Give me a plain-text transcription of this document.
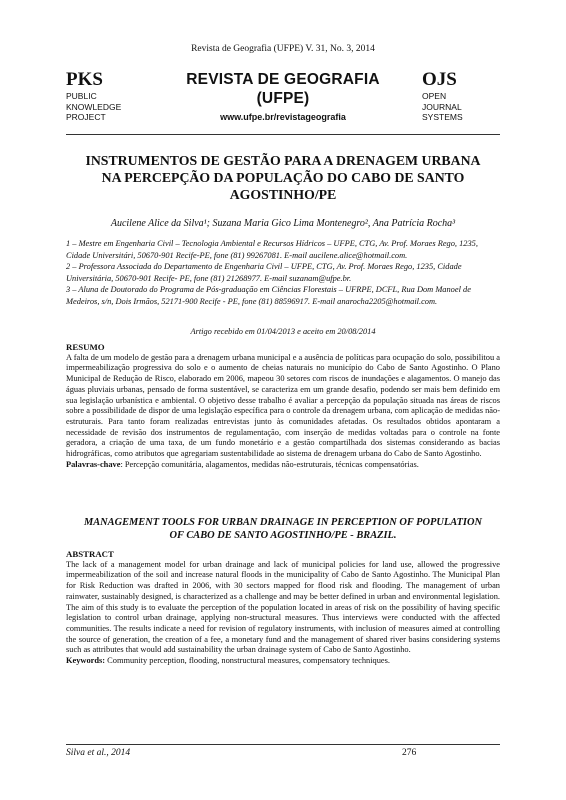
Revista de Geografia (UFPE) V. 31, No. 3, 2014
PKS
PUBLIC
KNOWLEDGE
PROJECT
REVISTA DE GEOGRAFIA
(UFPE)
www.ufpe.br/revistageografia
OJS
OPEN
JOURNAL
SYSTEMS
INSTRUMENTOS DE GESTÃO PARA A DRENAGEM URBANA NA PERCEPÇÃO DA POPULAÇÃO DO CABO DE SANTO AGOSTINHO/PE
Aucilene Alice da Silva¹; Suzana Maria Gico Lima Montenegro², Ana Patrícia Rocha³

1 – Mestre em Engenharia Civil – Tecnologia Ambiental e Recursos Hídricos – UFPE, CTG, Av. Prof. Moraes Rego, 1235, Cidade Universitári, 50670-901 Recife-PE, fone (81) 99267081. E-mail aucilene.alice@hotmail.com.

2 – Professora Associada do Departamento de Engenharia Civil – UFPE, CTG, Av. Prof. Moraes Rego, 1235, Cidade Universitária, 50670-901 Recife- PE, fone (81) 21268977. E-mail suzanam@ufpe.br.

3 – Aluna de Doutorado do Programa de Pós-graduação em Ciências Florestais – UFRPE, DCFL, Rua Dom Manoel de Medeiros, s/n, Dois Irmãos, 52171-900 Recife - PE, fone (81) 88596917. E-mail anarocha2205@hotmail.com.

Artigo recebido em 01/04/2013 e aceito em 20/08/2014
RESUMO

A falta de um modelo de gestão para a drenagem urbana municipal e a ausência de políticas para ocupação do solo, possibilitou a impermeabilização progressiva do solo e o aumento de cheias naturais no município do Cabo de Santo Agostinho. O Plano Municipal de Redução de Risco, elaborado em 2006, mapeou 30 setores com riscos de inundações e alagamentos. O manejo das águas pluviais urbanas, pensado de forma sustentável, se caracteriza em um grande desafio, podendo ser mais bem definido em sua legislação urbanística e ambiental. O objetivo desse trabalho é avaliar a percepção da população situada nas áreas de riscos sobre a possibilidade de dispor de uma legislação específica para o controle da drenagem urbana, com aplicação de medidas não-estruturais. Para tanto foram realizadas entrevistas junto às comunidades afetadas. Os resultados obtidos apontaram a necessidade de revisão dos instrumentos de regulamentação, com inserção de medidas voltadas para o controle na fonte geradora, a criação de uma taxa, de um fundo monetário e a gestão compartilhada dos sistemas considerando as bacias hidrográficas, como atributos que agregariam sustentabilidade ao sistema de drenagem urbana do Cabo de Santo Agostinho.

Palavras-chave: Percepção comunitária, alagamentos, medidas não-estruturais, técnicas compensatórias.

MANAGEMENT TOOLS FOR URBAN DRAINAGE IN PERCEPTION OF POPULATION OF CABO DE SANTO AGOSTINHO/PE - BRAZIL.
ABSTRACT

The lack of a management model for urban drainage and lack of municipal policies for land use, allowed the progressive impermeabilization of the soil and increase natural floods in the municipality of Cabo de Santo Agostinho. The Municipal Plan for Risk Reduction was drafted in 2006, with 30 sectors mapped for flood risk and flooding. The management of urban rainwater, sustainably designed, is characterized as a challenge and may be better defined in urban and environmental legislation. The aim of this study is to evaluate the perception of the population located in areas of risk on the possibility of having specific legislation to control urban drainage, applying non-structural measures. Thus interviews were conducted with the affected communities. The results indicate a need for revision of regulatory instruments, with inclusion of measures aimed at controlling the source of generation, the creation of a fee, a monetary fund and the management of shared river basins considering systems such as attributes that would add sustainability the urban drainage system of Cabo de Santo Agostinho.

Keywords: Community perception, flooding, nonstructural measures, compensatory techniques.

Silva et al., 2014	276
